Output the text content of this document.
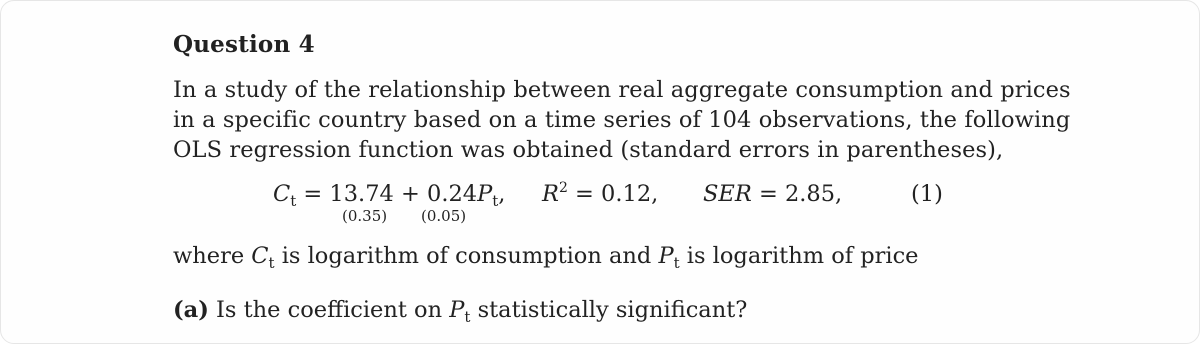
Question 4
In a study of the relationship between real aggregate consumption and prices
in a specific country based on a time series of 104 observations, the following
OLS regression function was obtained (standard errors in parentheses),
$C_t = 13.74 + 0.24P_t$,
(0.35) (0.05)
$R^2 = 0.12$, SER = 2.85,	(1)
where $C_t$ is logarithm of consumption and $P_t$ is logarithm of price
(a) Is the coefficient on $P_t$ statistically significant?
